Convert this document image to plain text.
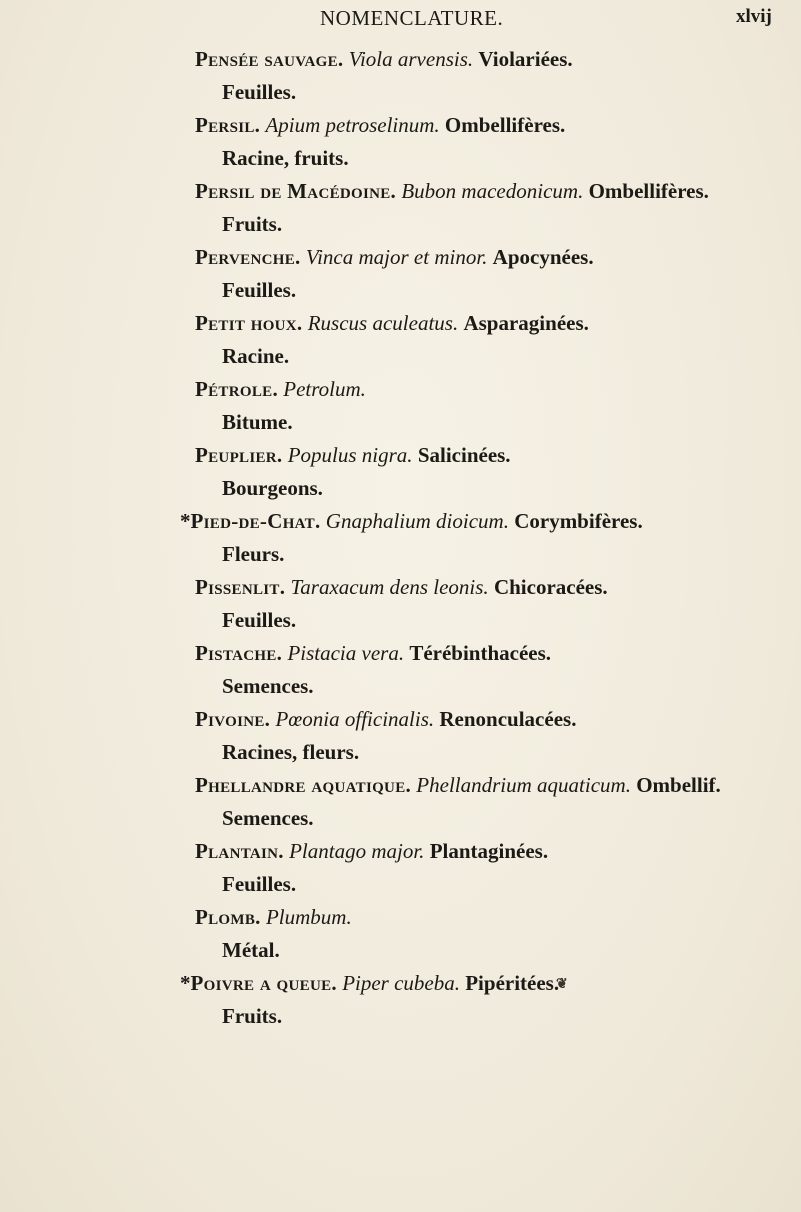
NOMENCLATURE.	xlvij
Pensée sauvage. Viola arvensis. Violariées.
Feuilles.
Persil. Apium petroselinum. Ombellifères.
Racine, fruits.
Persil de Macédoine. Bubon macedonicum. Ombellifères.
Fruits.
Pervenche. Vinca major et minor. Apocynées.
Feuilles.
Petit houx. Ruscus aculeatus. Asparaginées.
Racine.
Pétrole. Petrolum.
Bitume.
Peuplier. Populus nigra. Salicinées.
Bourgeons.
*Pied-de-Chat. Gnaphalium dioicum. Corymbifères.
Fleurs.
Pissenlit. Taraxacum dens leonis. Chicoracées.
Feuilles.
Pistache. Pistacia vera. Térébinthacées.
Semences.
Pivoine. Pœonia officinalis. Renonculacées.
Racines, fleurs.
Phellandre aquatique. Phellandrium aquaticum. Ombellif.
Semences.
Plantain. Plantago major. Plantaginées.
Feuilles.
Plomb. Plumbum.
Métal.
*Poivre a queue. Piper cubeba. Pipéritées.
Fruits.
❦
